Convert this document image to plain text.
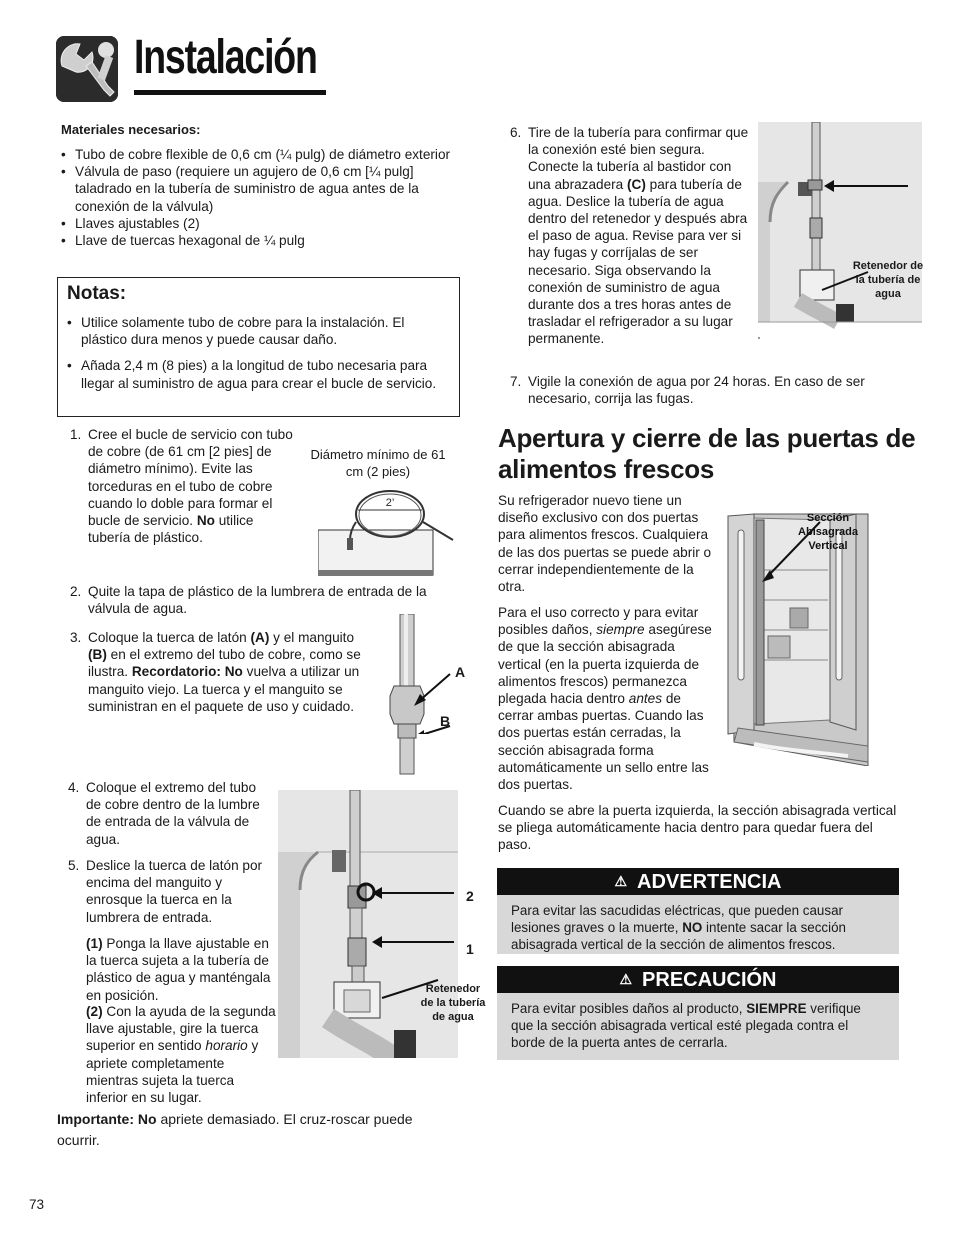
Instalación
Materiales necesarios:
• Tubo de cobre flexible de 0,6 cm (¼ pulg) de diámetro exterior
• Válvula de paso (requiere un agujero de 0,6 cm [¼ pulg] taladrado en la tubería de suministro de agua antes de la conexión de la válvula)
• Llaves ajustables (2)
• Llave de tuercas hexagonal de ¼ pulg
Notas:
• Utilice solamente tubo de cobre para la instalación. El plástico dura menos y puede causar daño.
• Añada 2,4 m (8 pies) a la longitud de tubo necesaria para llegar al suministro de agua para crear el bucle de servicio.
1. Cree el bucle de servicio con tubo de cobre (de 61 cm [2 pies] de diámetro mínimo). Evite las torceduras en el tubo de cobre cuando lo doble para formar el bucle de servicio. No utilice tubería de plástico.
Diámetro mínimo de 61 cm (2 pies)
2’
2. Quite la tapa de plástico de la lumbrera de entrada de la válvula de agua.
3. Coloque la tuerca de latón (A) y el manguito (B) en el extremo del tubo de cobre, como se ilustra. Recordatorio: No vuelva a utilizar un manguito viejo. La tuerca y el manguito se suministran en el paquete de uso y cuidado.
A
B
4. Coloque el extremo del tubo de cobre dentro de la lumbre de entrada de la válvula de agua.
5. Deslice la tuerca de latón por encima del manguito y enrosque la tuerca en la lumbrera de entrada.
(1) Ponga la llave ajustable en la tuerca sujeta a la tubería de plástico de agua y manténgala en posición.
(2) Con la ayuda de la segunda llave ajustable, gire la tuerca superior en sentido horario y apriete completamente mientras sujeta la tuerca inferior en su lugar.
2
1
Retenedor de la tubería de agua
Importante: No apriete demasiado. El cruz-roscar puede ocurrir.
6. Tire de la tubería para confirmar que la conexión esté bien segura. Conecte la tubería al bastidor con una abrazadera (C) para tubería de agua. Deslice la tubería de agua dentro del retenedor y después abra el paso de agua. Revise para ver si hay fugas y corríjalas de ser necesario. Siga observando la conexión de suministro de agua durante dos a tres horas antes de trasladar el refrigerador a su lugar permanente.
Retenedor de la tubería de agua
7. Vigile la conexión de agua por 24 horas. En caso de ser necesario, corrija las fugas.
Apertura y cierre de las puertas de alimentos frescos
Su refrigerador nuevo tiene un diseño exclusivo con dos puertas para alimentos frescos. Cualquiera de las dos puertas se puede abrir o cerrar independientemente de la otra.
Para el uso correcto y para evitar posibles daños, siempre asegúrese de que la sección abisagrada vertical (en la puerta izquierda de alimentos frescos) permanezca plegada hacia dentro antes de cerrar ambas puertas. Cuando las dos puertas están cerradas, la sección abisagrada forma automáticamente un sello entre las dos puertas.
Cuando se abre la puerta izquierda, la sección abisagrada vertical se pliega automáticamente hacia dentro para quedar fuera del paso.
Sección Abisagrada Vertical
⚠ ADVERTENCIA
Para evitar las sacudidas eléctricas, que pueden causar lesiones graves o la muerte, NO intente sacar la sección abisagrada vertical de la sección de alimentos frescos.
⚠ PRECAUCIÓN
Para evitar posibles daños al producto, SIEMPRE verifique que la sección abisagrada vertical esté plegada contra el borde de la puerta antes de cerrarla.
73
